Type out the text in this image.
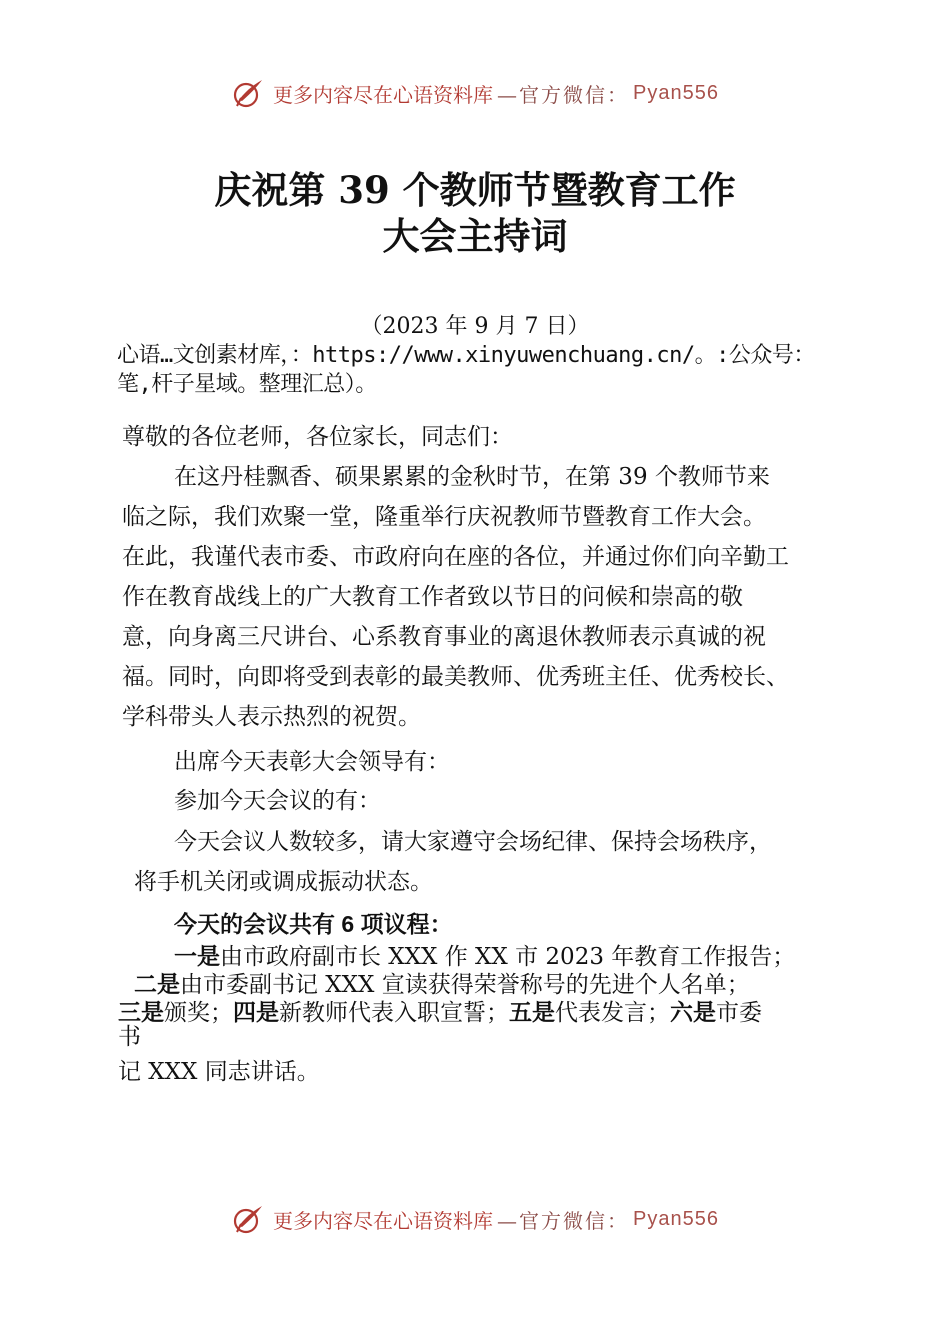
更多内容尽在心语资料库 —官方微信： Pyan556
庆祝第 39 个教师节暨教育工作
大会主持词
（2023 年 9 月 7 日）
心语…文创素材库，：https://www.xinyuwenchuang.cn/。:公众号：笔,杆子星域。整理汇总）。
尊敬的各位老师，各位家长，同志们：
在这丹桂飘香、硕果累累的金秋时节，在第 39 个教师节来
临之际，我们欢聚一堂，隆重举行庆祝教师节暨教育工作大会。
在此，我谨代表市委、市政府向在座的各位，并通过你们向辛勤工
作在教育战线上的广大教育工作者致以节日的问候和崇高的敬
意，向身离三尺讲台、心系教育事业的离退休教师表示真诚的祝
福。同时，向即将受到表彰的最美教师、优秀班主任、优秀校长、
学科带头人表示热烈的祝贺。
出席今天表彰大会领导有：
参加今天会议的有：
今天会议人数较多，请大家遵守会场纪律、保持会场秩序，
将手机关闭或调成振动状态。
今天的会议共有 6 项议程：
一是由市政府副市长 XXX 作 XX 市 2023 年教育工作报告；
二是由市委副书记 XXX 宣读获得荣誉称号的先进个人名单；
三是颁奖；四是新教师代表入职宣誓；五是代表发言；六是市委
书
记 XXX 同志讲话。
更多内容尽在心语资料库 —官方微信： Pyan556
